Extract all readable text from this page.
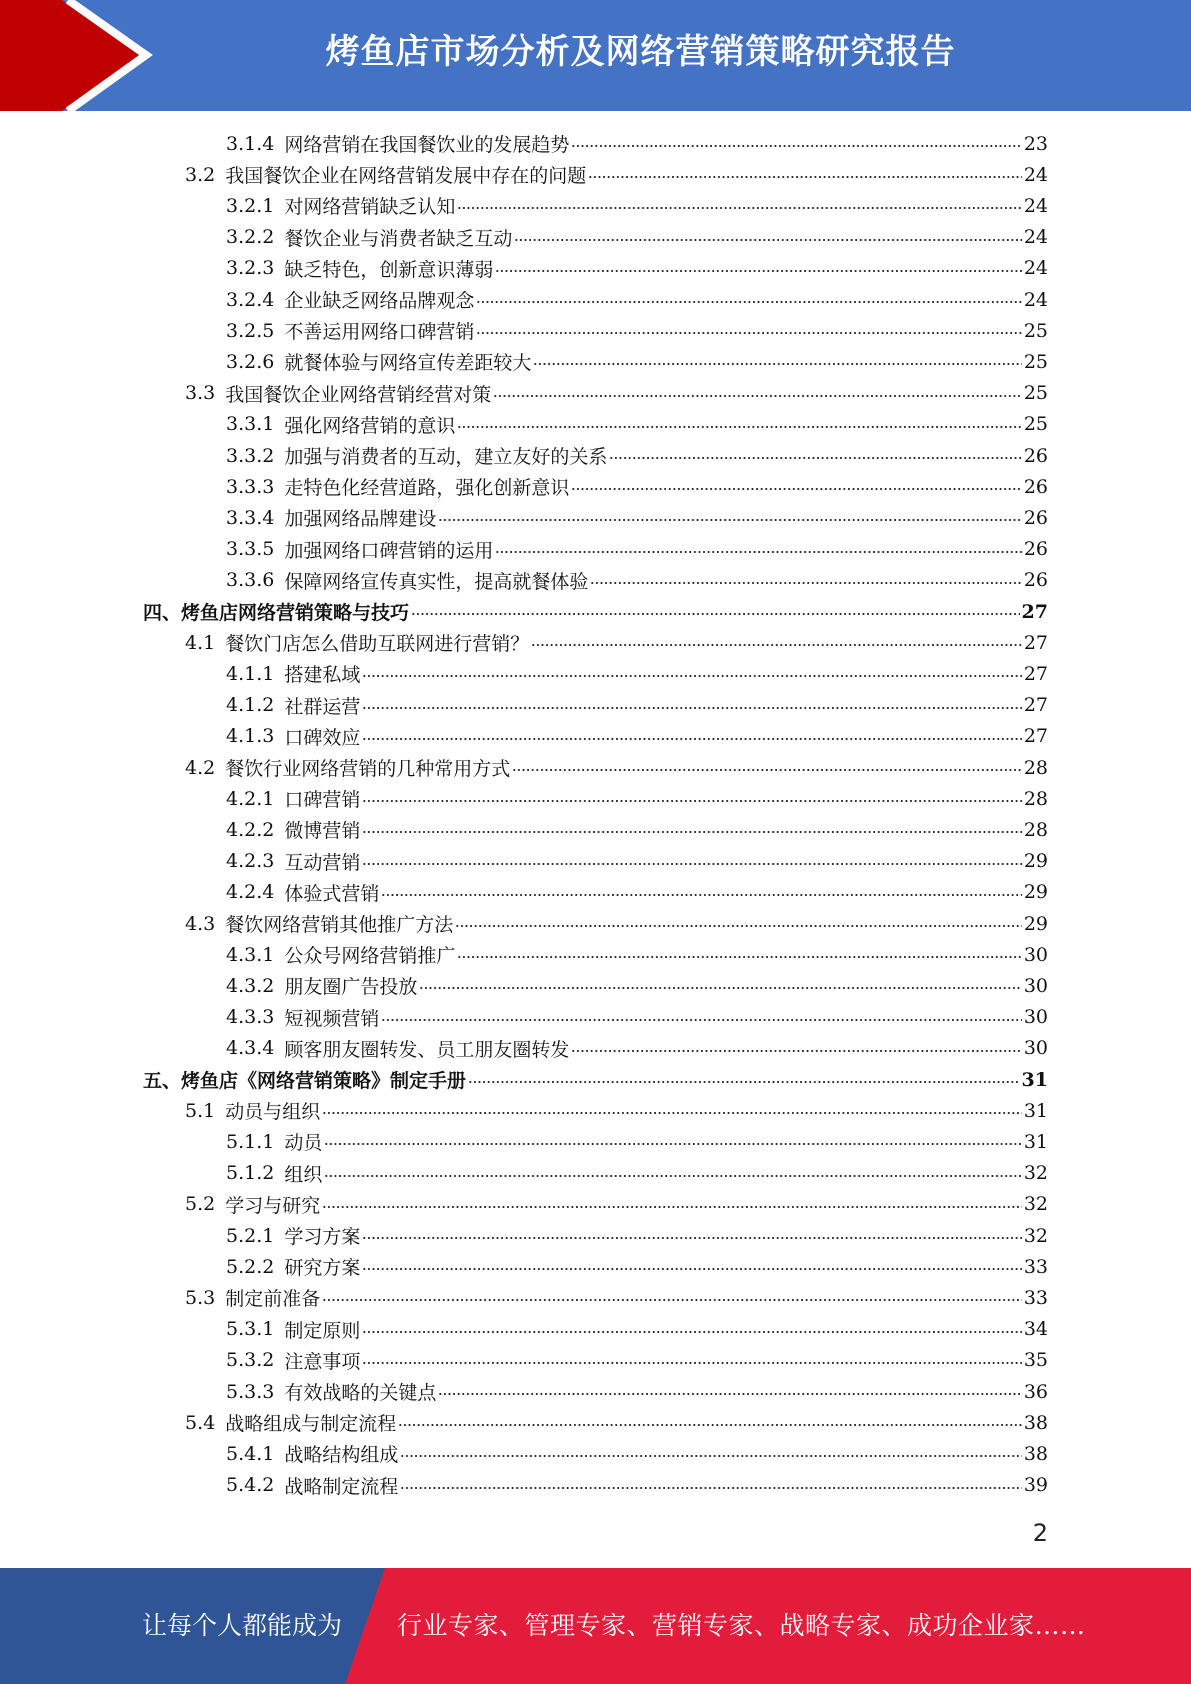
烤鱼店市场分析及网络营销策略研究报告
3.1.4 网络营销在我国餐饮业的发展趋势	23
3.2 我国餐饮企业在网络营销发展中存在的问题	24
3.2.1 对网络营销缺乏认知	24
3.2.2 餐饮企业与消费者缺乏互动	24
3.2.3 缺乏特色，创新意识薄弱	24
3.2.4 企业缺乏网络品牌观念	24
3.2.5 不善运用网络口碑营销	25
3.2.6 就餐体验与网络宣传差距较大	25
3.3 我国餐饮企业网络营销经营对策	25
3.3.1 强化网络营销的意识	25
3.3.2 加强与消费者的互动，建立友好的关系	26
3.3.3 走特色化经营道路，强化创新意识	26
3.3.4 加强网络品牌建设	26
3.3.5 加强网络口碑营销的运用	26
3.3.6 保障网络宣传真实性，提高就餐体验	26
四、烤鱼店网络营销策略与技巧	27
4.1 餐饮门店怎么借助互联网进行营销？	27
4.1.1 搭建私域	27
4.1.2 社群运营	27
4.1.3 口碑效应	27
4.2 餐饮行业网络营销的几种常用方式	28
4.2.1 口碑营销	28
4.2.2 微博营销	28
4.2.3 互动营销	29
4.2.4 体验式营销	29
4.3 餐饮网络营销其他推广方法	29
4.3.1 公众号网络营销推广	30
4.3.2 朋友圈广告投放	30
4.3.3 短视频营销	30
4.3.4 顾客朋友圈转发、员工朋友圈转发	30
五、烤鱼店《网络营销策略》制定手册	31
5.1 动员与组织	31
5.1.1 动员	31
5.1.2 组织	32
5.2 学习与研究	32
5.2.1 学习方案	32
5.2.2 研究方案	33
5.3 制定前准备	33
5.3.1 制定原则	34
5.3.2 注意事项	35
5.3.3 有效战略的关键点	36
5.4 战略组成与制定流程	38
5.4.1 战略结构组成	38
5.4.2 战略制定流程	39
2
让每个人都能成为 行业专家、管理专家、营销专家、战略专家、成功企业家……
